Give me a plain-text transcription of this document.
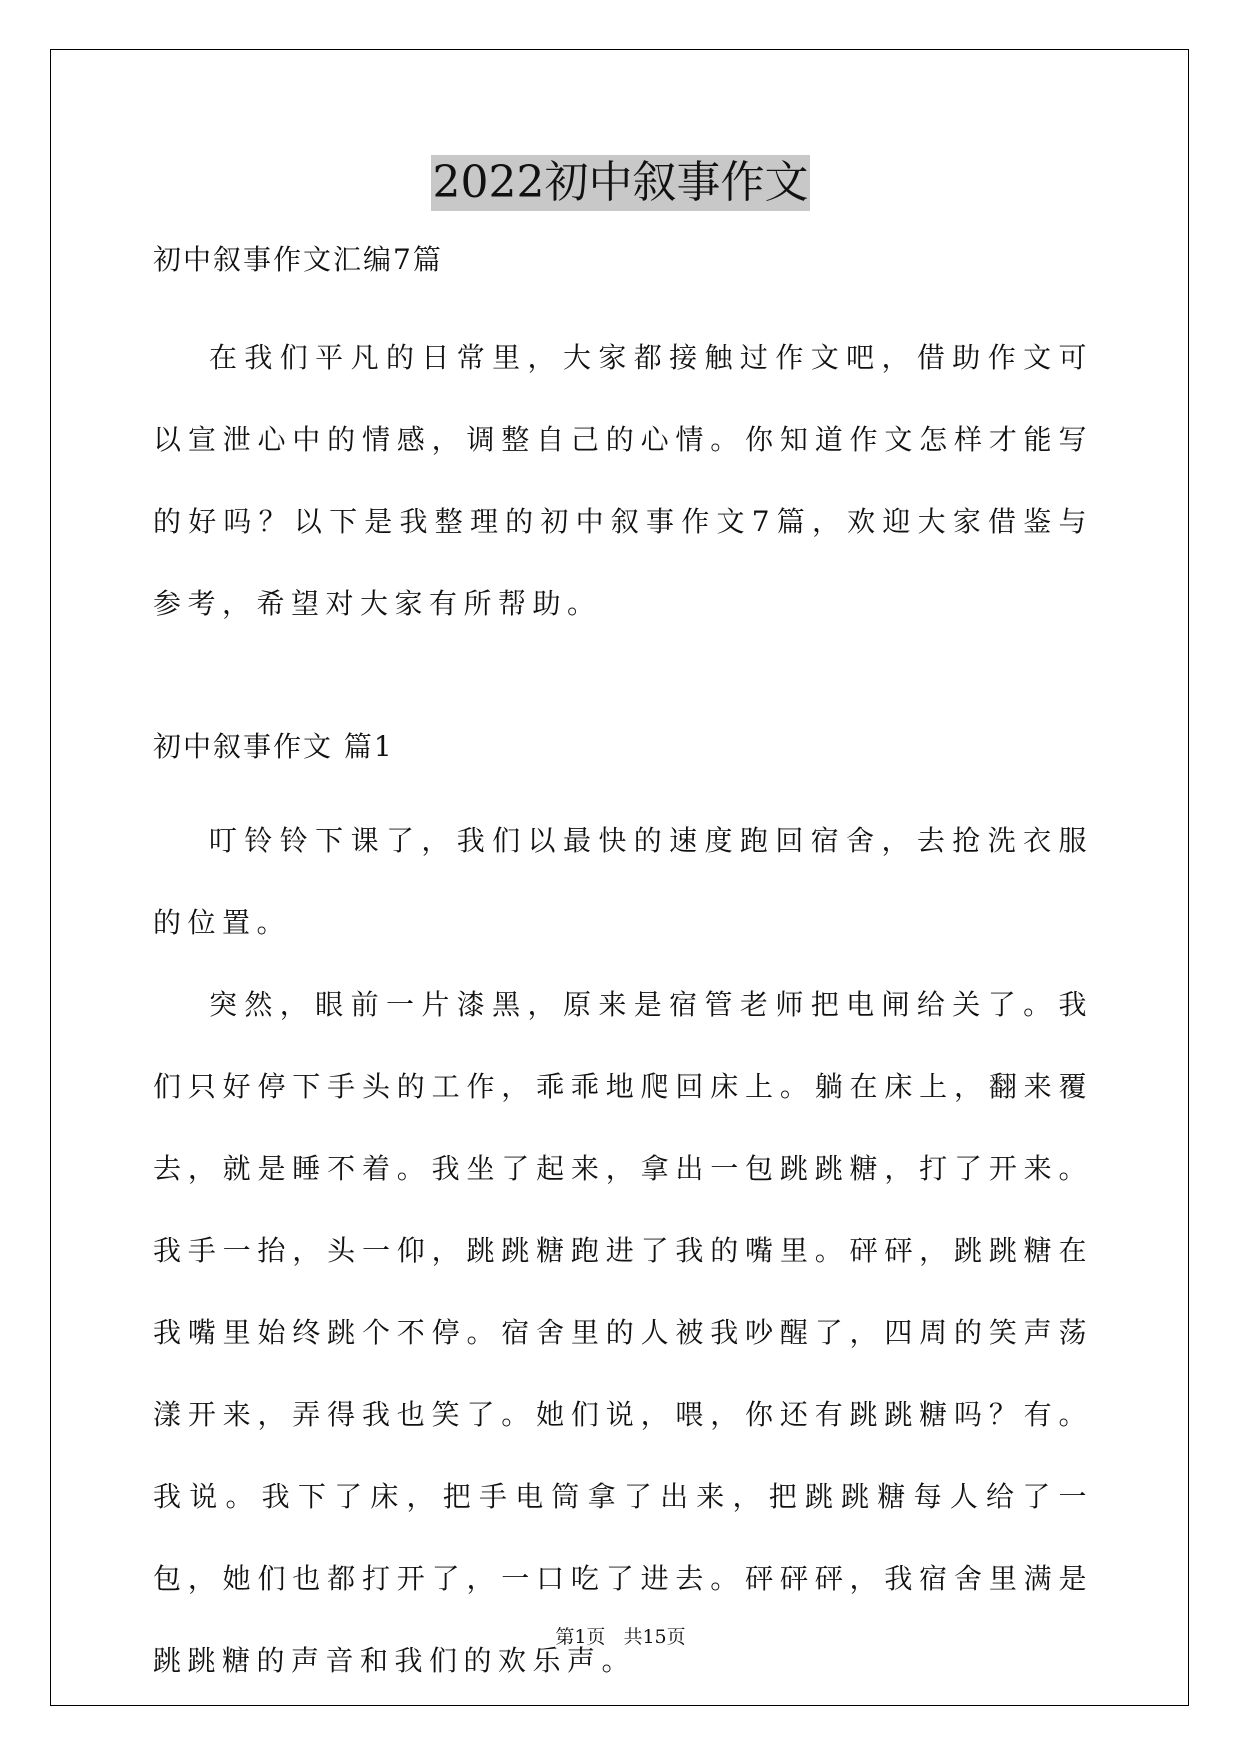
2022初中叙事作文

初中叙事作文汇编7篇

在我们平凡的日常里，大家都接触过作文吧，借助作文可以宣泄心中的情感，调整自己的心情。你知道作文怎样才能写的好吗？以下是我整理的初中叙事作文7篇，欢迎大家借鉴与参考，希望对大家有所帮助。

初中叙事作文 篇1

叮铃铃下课了，我们以最快的速度跑回宿舍，去抢洗衣服的位置。

突然，眼前一片漆黑，原来是宿管老师把电闸给关了。我们只好停下手头的工作，乖乖地爬回床上。躺在床上，翻来覆去，就是睡不着。我坐了起来，拿出一包跳跳糖，打了开来。我手一抬，头一仰，跳跳糖跑进了我的嘴里。砰砰，跳跳糖在我嘴里始终跳个不停。宿舍里的人被我吵醒了，四周的笑声荡漾开来，弄得我也笑了。她们说，喂，你还有跳跳糖吗？有。我说。我下了床，把手电筒拿了出来，把跳跳糖每人给了一包，她们也都打开了，一口吃了进去。砰砰砰，我宿舍里满是跳跳糖的声音和我们的欢乐声。

第1页 共15页
